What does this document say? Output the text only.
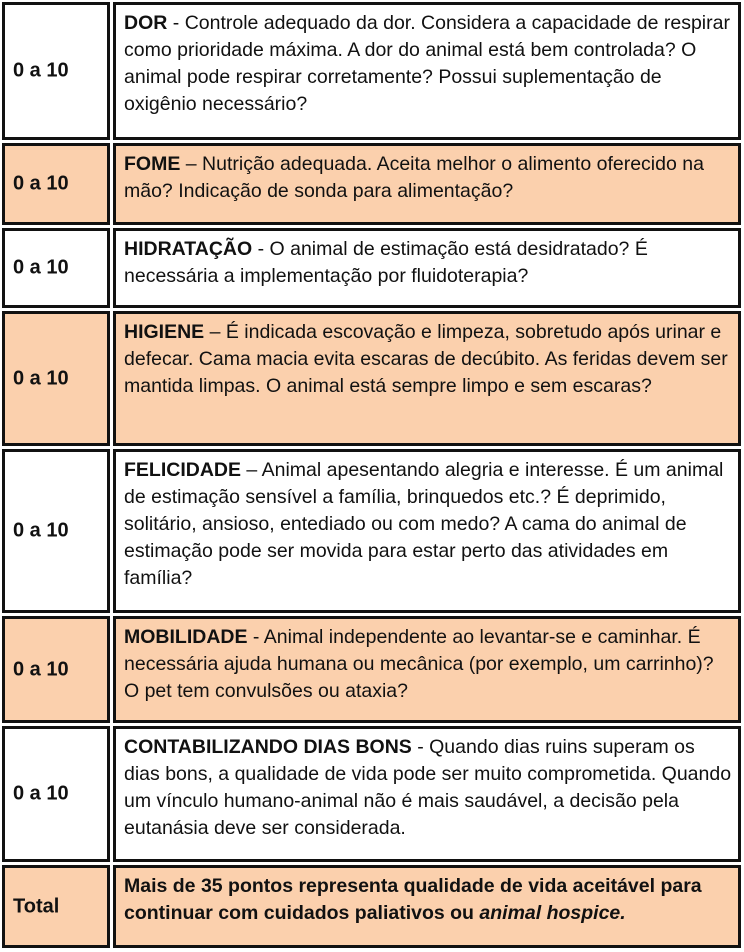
0 a 10
DOR - Controle adequado da dor. Considera a capacidade de respirar como prioridade máxima. A dor do animal está bem controlada? O animal pode respirar corretamente? Possui suplementação de oxigênio necessário?
0 a 10
FOME – Nutrição adequada. Aceita melhor o alimento oferecido na mão? Indicação de sonda para alimentação?
0 a 10
HIDRATAÇÃO - O animal de estimação está desidratado? É necessária a implementação por fluidoterapia?
0 a 10
HIGIENE – É indicada escovação e limpeza, sobretudo após urinar e defecar. Cama macia evita escaras de decúbito. As feridas devem ser mantida limpas. O animal está sempre limpo e sem escaras?
0 a 10
FELICIDADE – Animal apesentando alegria e interesse. É um animal de estimação sensível a família, brinquedos etc.? É deprimido, solitário, ansioso, entediado ou com medo? A cama do animal de estimação pode ser movida para estar perto das atividades em família?
0 a 10
MOBILIDADE - Animal independente ao levantar-se e caminhar. É necessária ajuda humana ou mecânica (por exemplo, um carrinho)? O pet tem convulsões ou ataxia?
0 a 10
CONTABILIZANDO DIAS BONS - Quando dias ruins superam os dias bons, a qualidade de vida pode ser muito comprometida. Quando um vínculo humano-animal não é mais saudável, a decisão pela eutanásia deve ser considerada.
Total
Mais de 35 pontos representa qualidade de vida aceitável para continuar com cuidados paliativos ou animal hospice.
